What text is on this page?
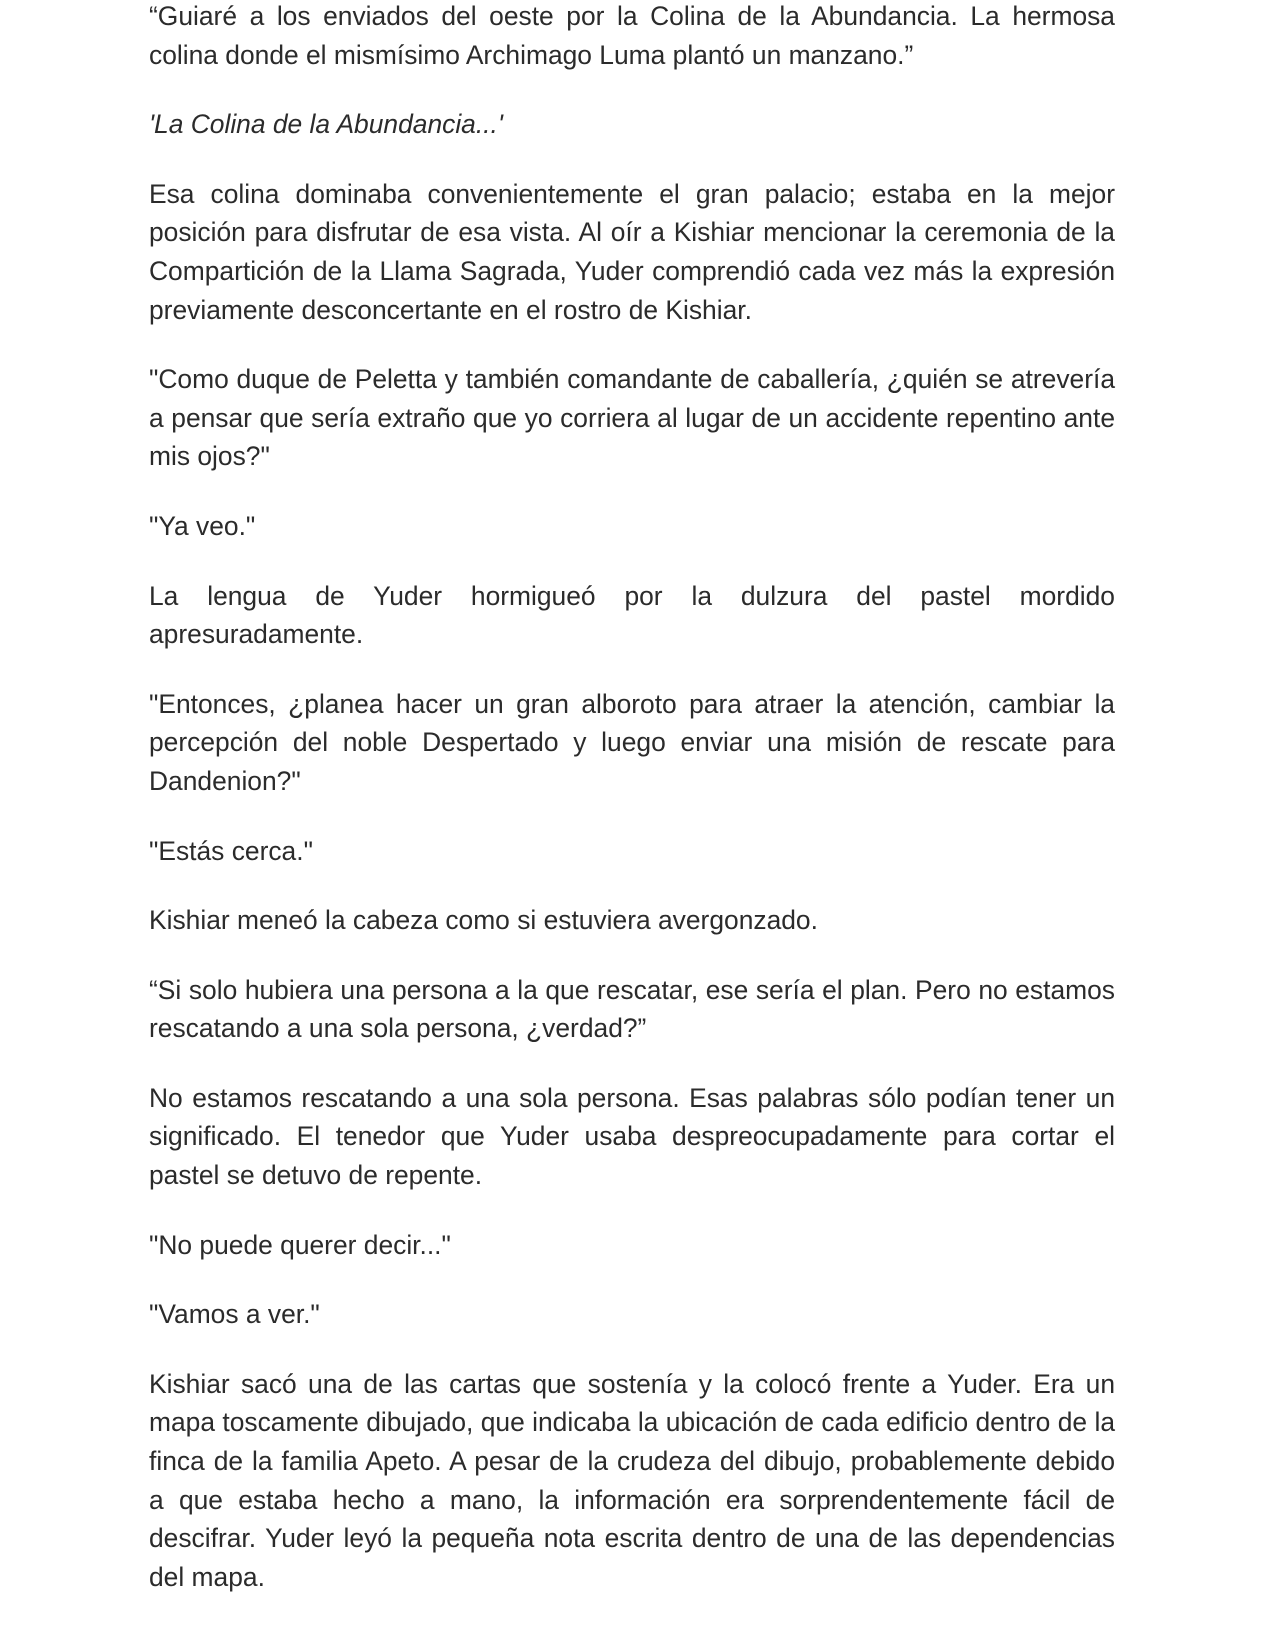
“Guiaré a los enviados del oeste por la Colina de la Abundancia. La hermosa colina donde el mismísimo Archimago Luma plantó un manzano.”

'La Colina de la Abundancia...'

Esa colina dominaba convenientemente el gran palacio; estaba en la mejor posición para disfrutar de esa vista. Al oír a Kishiar mencionar la ceremonia de la Compartición de la Llama Sagrada, Yuder comprendió cada vez más la expresión previamente desconcertante en el rostro de Kishiar.

"Como duque de Peletta y también comandante de caballería, ¿quién se atrevería a pensar que sería extraño que yo corriera al lugar de un accidente repentino ante mis ojos?"

"Ya veo."

La lengua de Yuder hormigueó por la dulzura del pastel mordido apresuradamente.

"Entonces, ¿planea hacer un gran alboroto para atraer la atención, cambiar la percepción del noble Despertado y luego enviar una misión de rescate para Dandenion?"

"Estás cerca."

Kishiar meneó la cabeza como si estuviera avergonzado.

“Si solo hubiera una persona a la que rescatar, ese sería el plan. Pero no estamos rescatando a una sola persona, ¿verdad?”

No estamos rescatando a una sola persona. Esas palabras sólo podían tener un significado. El tenedor que Yuder usaba despreocupadamente para cortar el pastel se detuvo de repente.

"No puede querer decir..."

"Vamos a ver."

Kishiar sacó una de las cartas que sostenía y la colocó frente a Yuder. Era un mapa toscamente dibujado, que indicaba la ubicación de cada edificio dentro de la finca de la familia Apeto. A pesar de la crudeza del dibujo, probablemente debido a que estaba hecho a mano, la información era sorprendentemente fácil de descifrar. Yuder leyó la pequeña nota escrita dentro de una de las dependencias del mapa.
